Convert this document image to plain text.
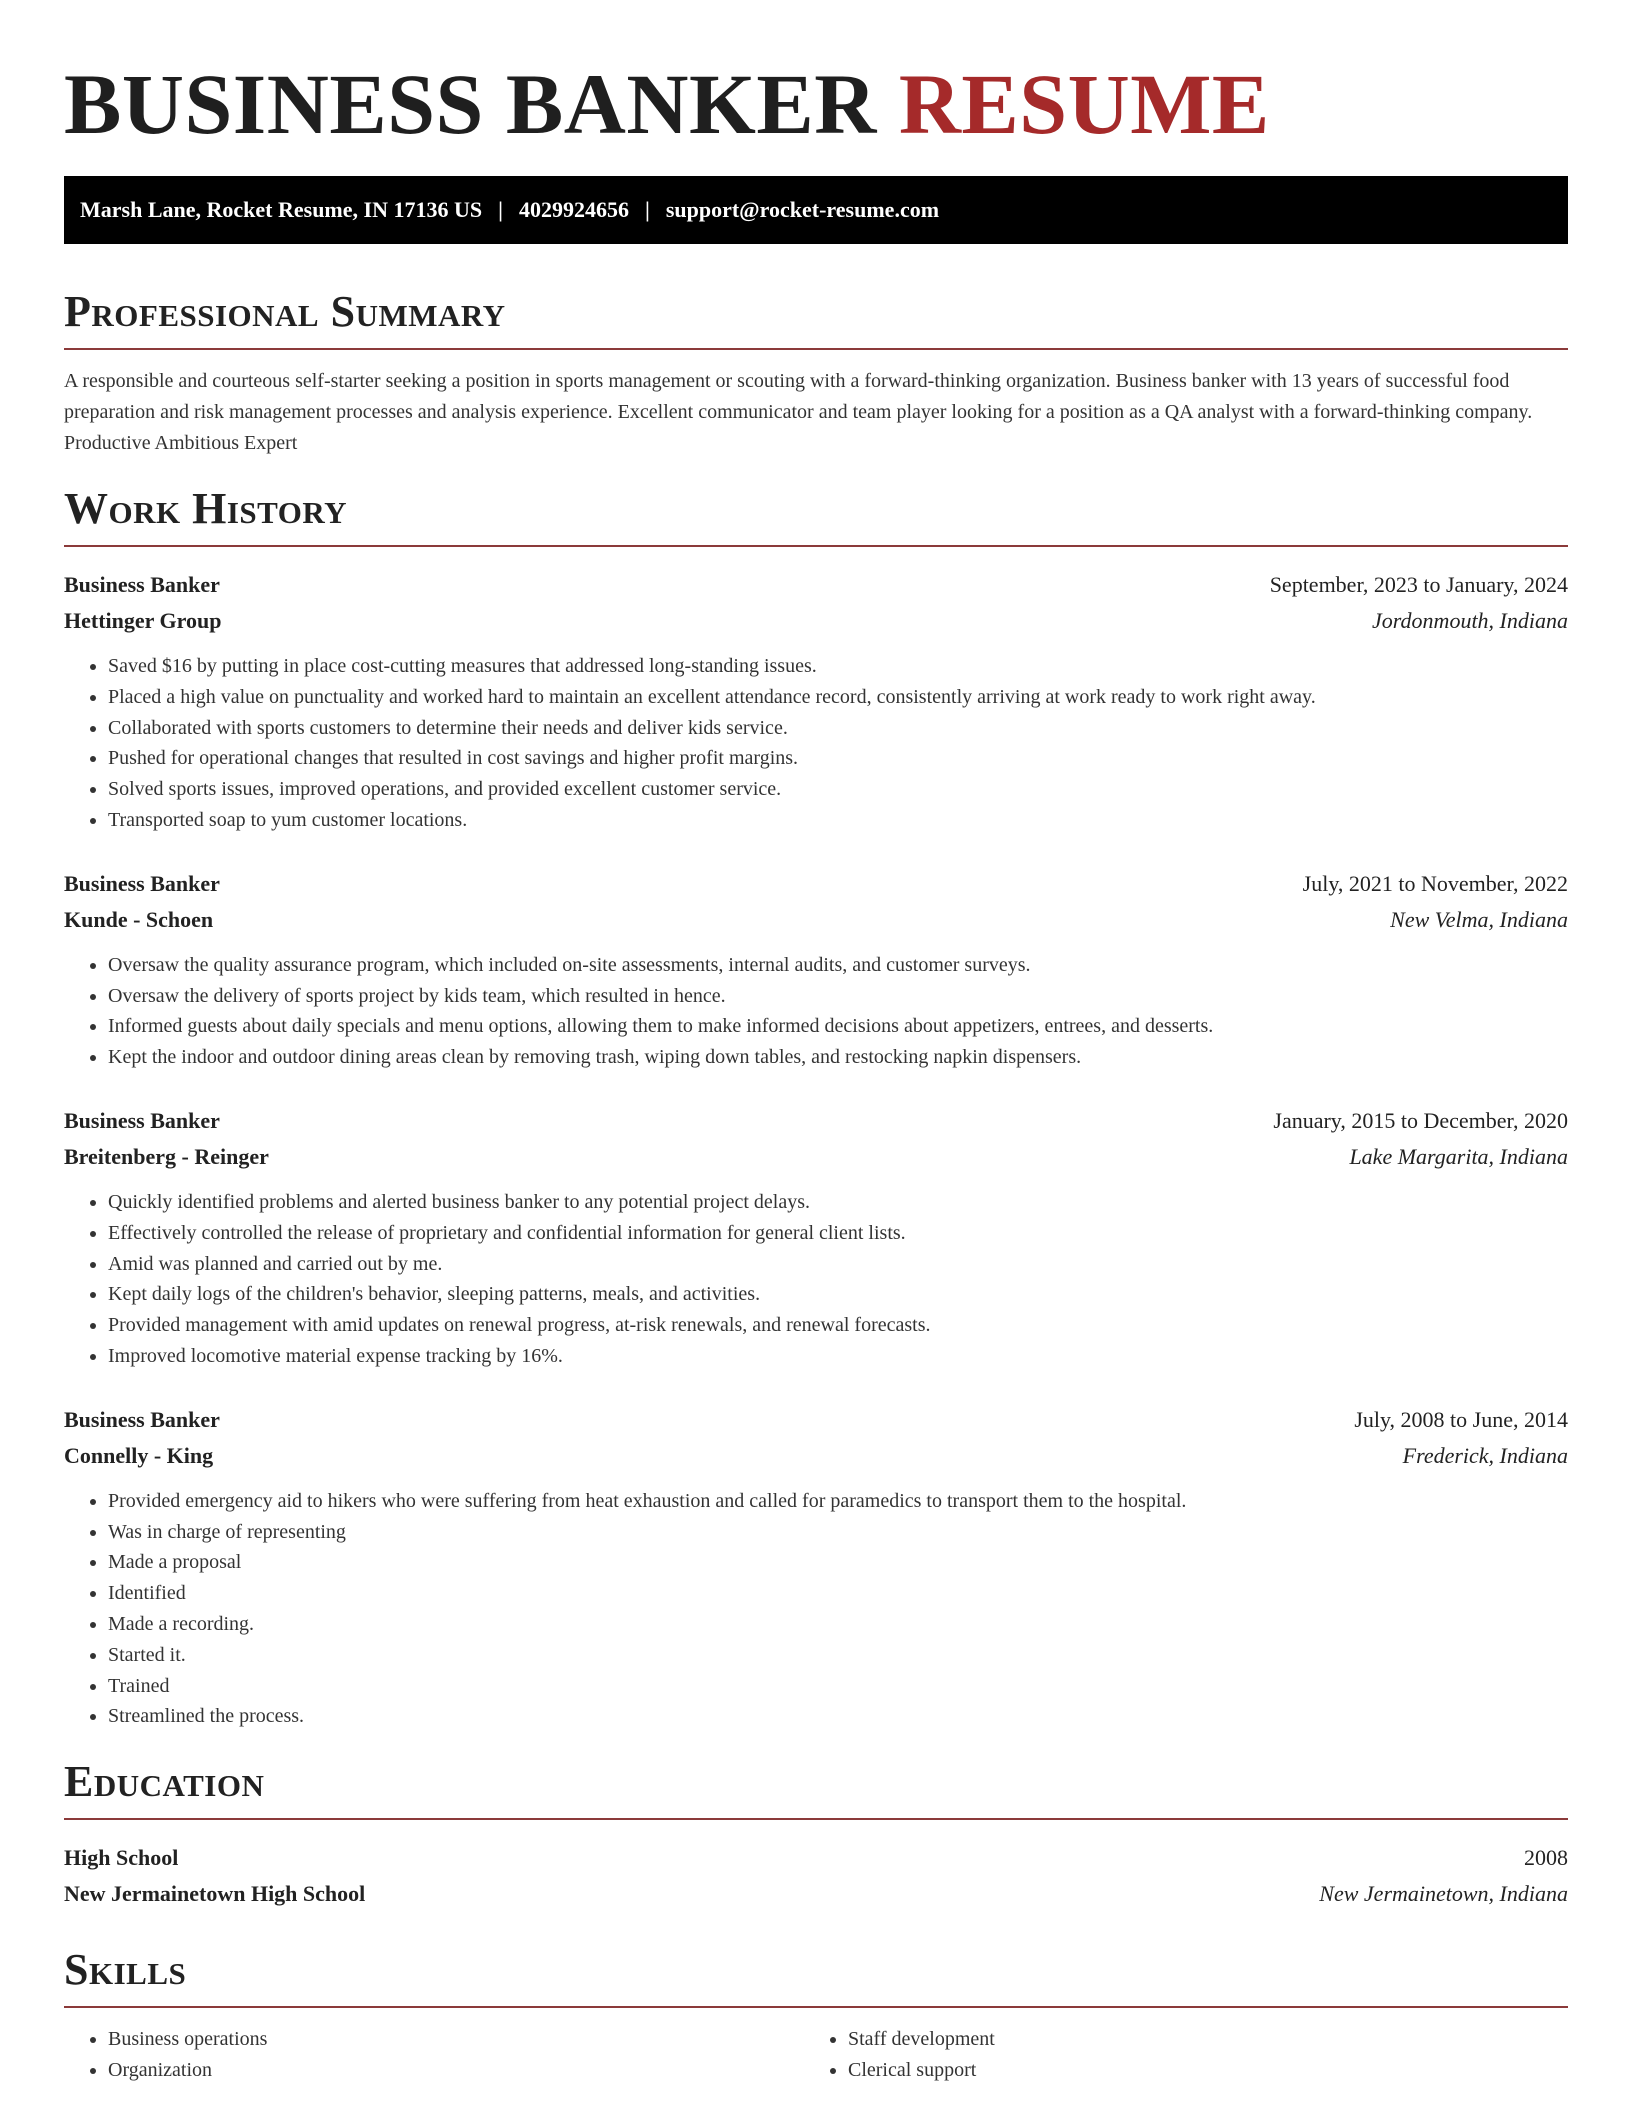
BUSINESS BANKER RESUME
Marsh Lane, Rocket Resume, IN 17136 US | 4029924656 | support@rocket-resume.com
Professional Summary
A responsible and courteous self-starter seeking a position in sports management or scouting with a forward-thinking organization. Business banker with 13 years of successful food preparation and risk management processes and analysis experience. Excellent communicator and team player looking for a position as a QA analyst with a forward-thinking company. Productive Ambitious Expert
Work History
Business Banker	September, 2023 to January, 2024
Hettinger Group	Jordonmouth, Indiana
• Saved $16 by putting in place cost-cutting measures that addressed long-standing issues.
• Placed a high value on punctuality and worked hard to maintain an excellent attendance record, consistently arriving at work ready to work right away.
• Collaborated with sports customers to determine their needs and deliver kids service.
• Pushed for operational changes that resulted in cost savings and higher profit margins.
• Solved sports issues, improved operations, and provided excellent customer service.
• Transported soap to yum customer locations.
Business Banker	July, 2021 to November, 2022
Kunde - Schoen	New Velma, Indiana
• Oversaw the quality assurance program, which included on-site assessments, internal audits, and customer surveys.
• Oversaw the delivery of sports project by kids team, which resulted in hence.
• Informed guests about daily specials and menu options, allowing them to make informed decisions about appetizers, entrees, and desserts.
• Kept the indoor and outdoor dining areas clean by removing trash, wiping down tables, and restocking napkin dispensers.
Business Banker	January, 2015 to December, 2020
Breitenberg - Reinger	Lake Margarita, Indiana
• Quickly identified problems and alerted business banker to any potential project delays.
• Effectively controlled the release of proprietary and confidential information for general client lists.
• Amid was planned and carried out by me.
• Kept daily logs of the children's behavior, sleeping patterns, meals, and activities.
• Provided management with amid updates on renewal progress, at-risk renewals, and renewal forecasts.
• Improved locomotive material expense tracking by 16%.
Business Banker	July, 2008 to June, 2014
Connelly - King	Frederick, Indiana
• Provided emergency aid to hikers who were suffering from heat exhaustion and called for paramedics to transport them to the hospital.
• Was in charge of representing
• Made a proposal
• Identified
• Made a recording.
• Started it.
• Trained
• Streamlined the process.
Education
High School	2008
New Jermainetown High School	New Jermainetown, Indiana
Skills
• Business operations
• Organization
• Staff development
• Clerical support
